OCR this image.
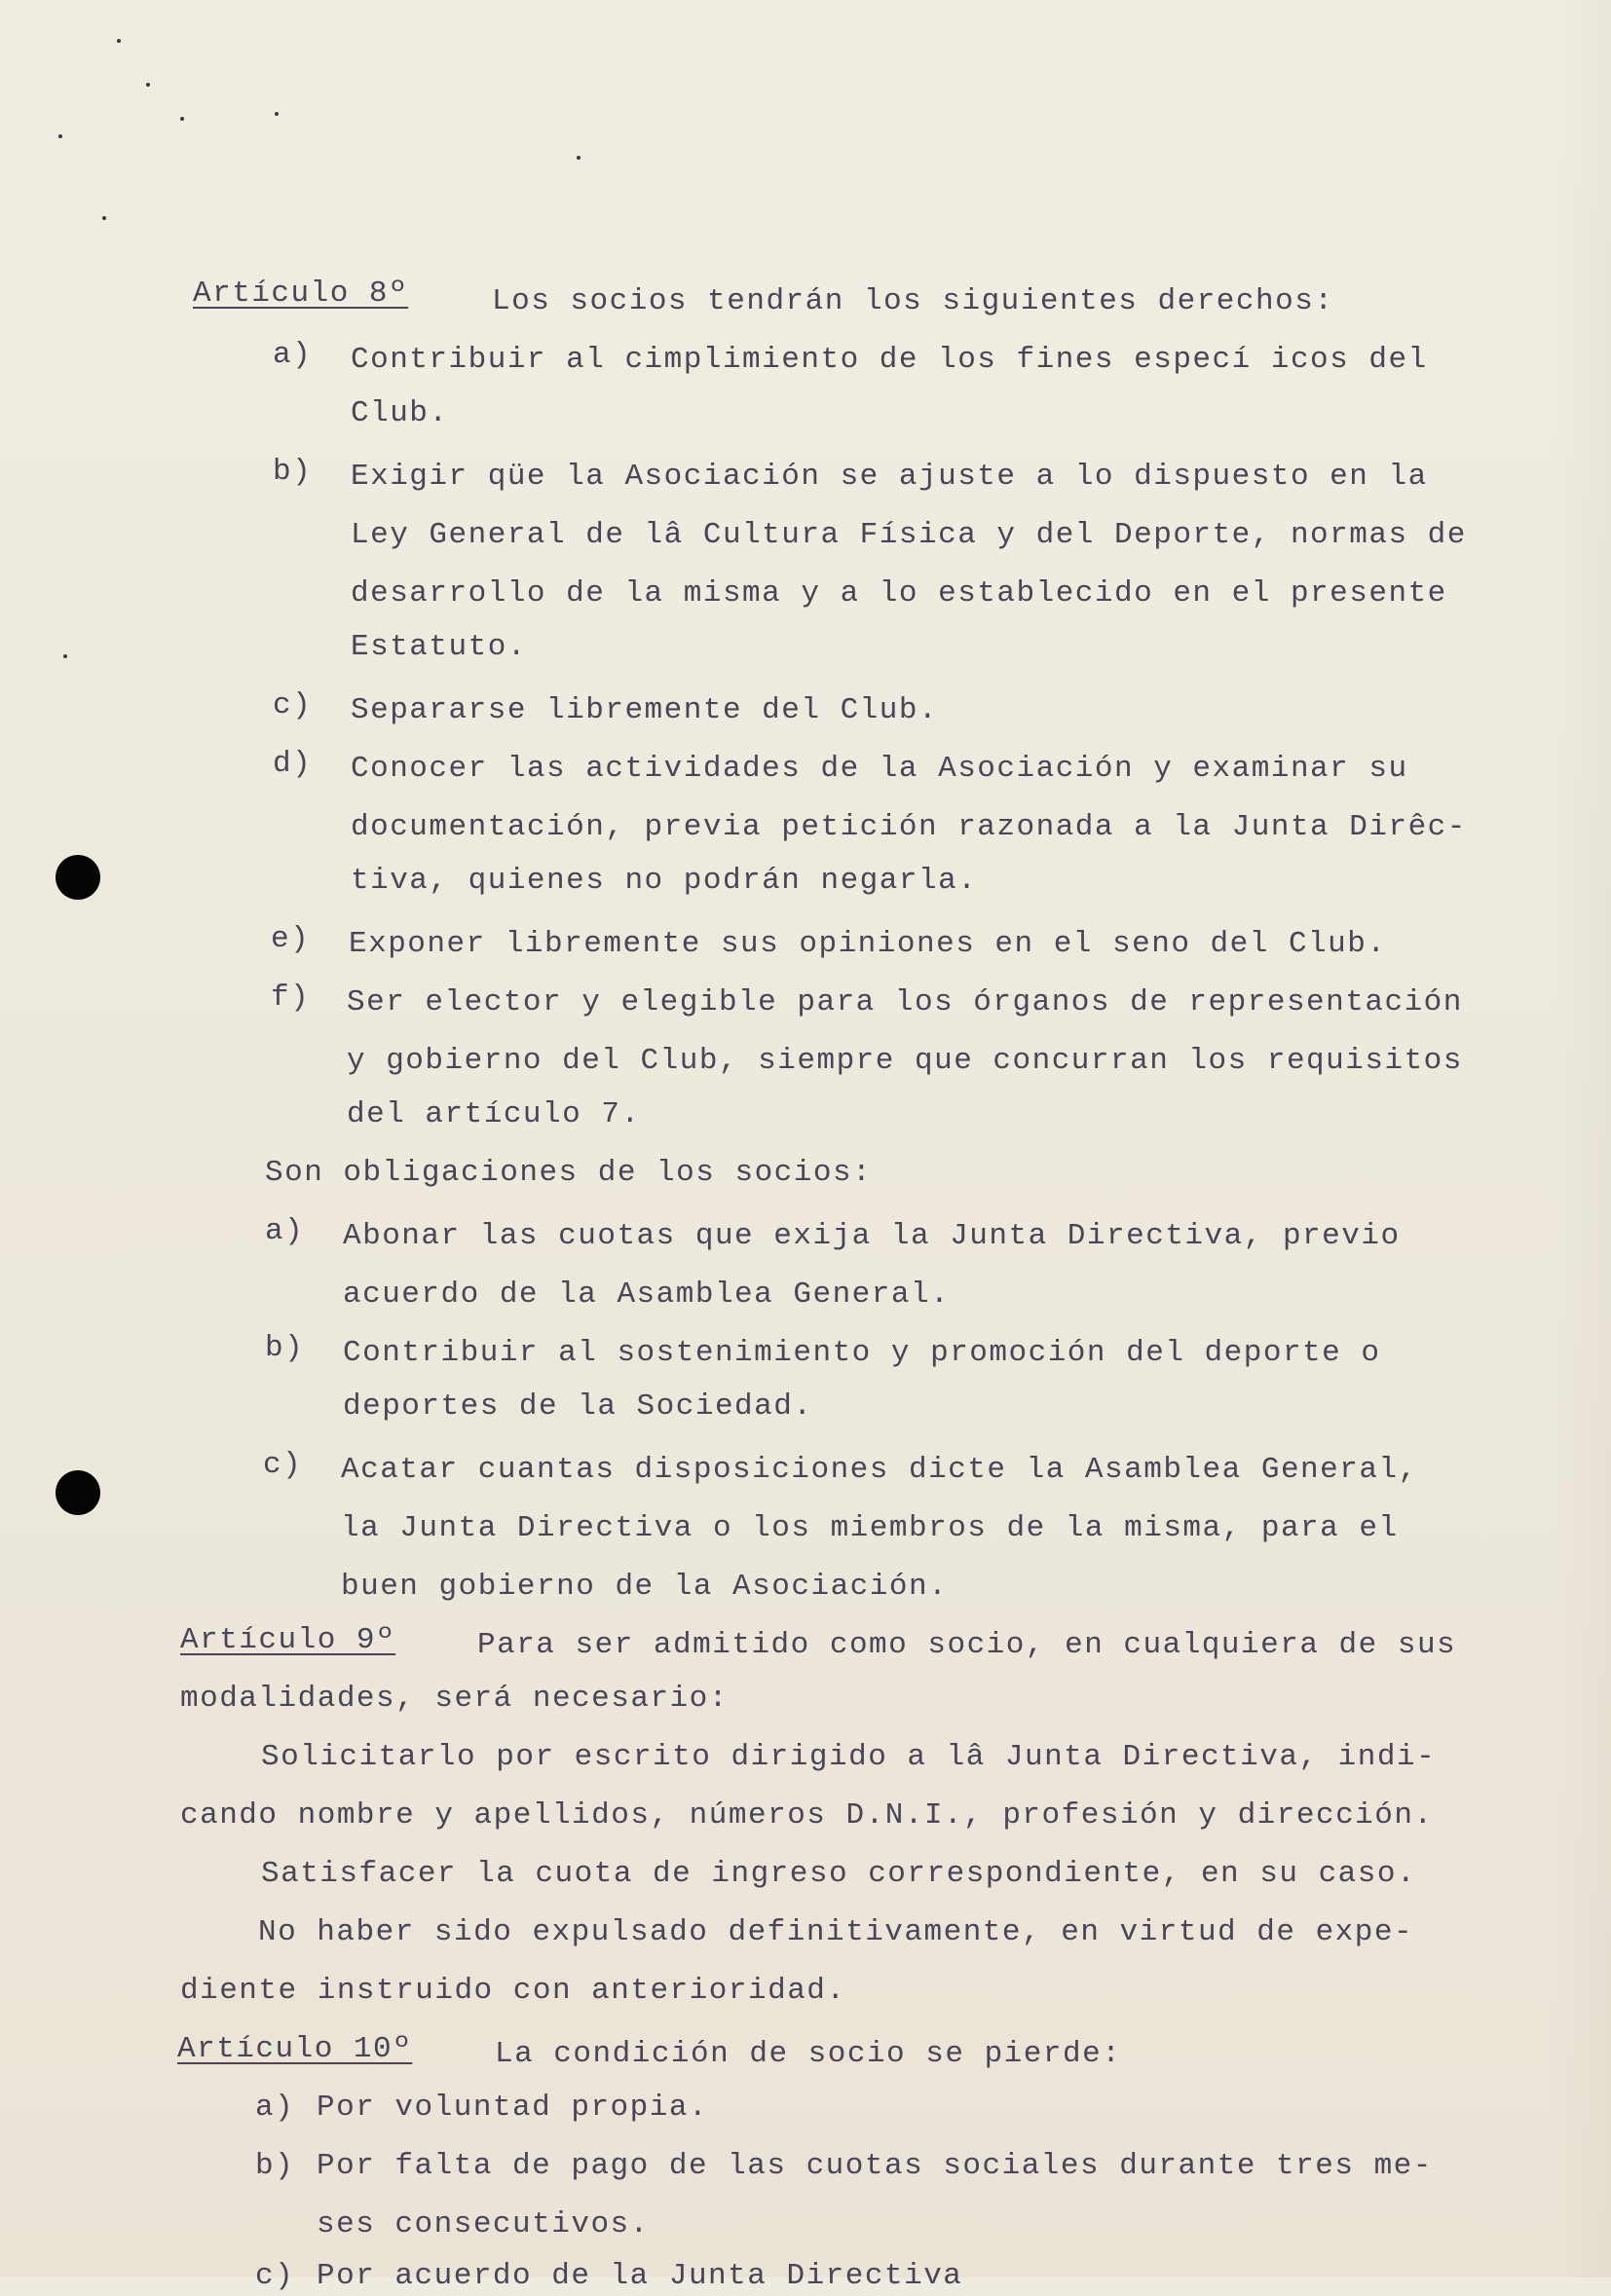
Artículo 8º	Los socios tendrán los siguientes derechos:
a) Contribuir al cimplimiento de los fines especí icos del
Club.
b) Exigir qüe la Asociación se ajuste a lo dispuesto en la
Ley General de lâ Cultura Física y del Deporte, normas de
desarrollo de la misma y a lo establecido en el presente
Estatuto.
c) Separarse libremente del Club.
d) Conocer las actividades de la Asociación y examinar su
documentación, previa petición razonada a la Junta Dirêc-
tiva, quienes no podrán negarla.
e) Exponer libremente sus opiniones en el seno del Club.
f) Ser elector y elegible para los órganos de representación
y gobierno del Club, siempre que concurran los requisitos
del artículo 7.
Son obligaciones de los socios:
a) Abonar las cuotas que exija la Junta Directiva, previo
acuerdo de la Asamblea General.
b) Contribuir al sostenimiento y promoción del deporte o
deportes de la Sociedad.
c) Acatar cuantas disposiciones dicte la Asamblea General,
la Junta Directiva o los miembros de la misma, para el
buen gobierno de la Asociación.
Artículo 9º	Para ser admitido como socio, en cualquiera de sus
modalidades, será necesario:
Solicitarlo por escrito dirigido a lâ Junta Directiva, indi-
cando nombre y apellidos, números D.N.I., profesión y dirección.
Satisfacer la cuota de ingreso correspondiente, en su caso.
No haber sido expulsado definitivamente, en virtud de expe-
diente instruido con anterioridad.
Artículo 10º	La condición de socio se pierde:
a) Por voluntad propia.
b) Por falta de pago de las cuotas sociales durante tres me-
ses consecutivos.
c) Por acuerdo de la Junta Directiva
